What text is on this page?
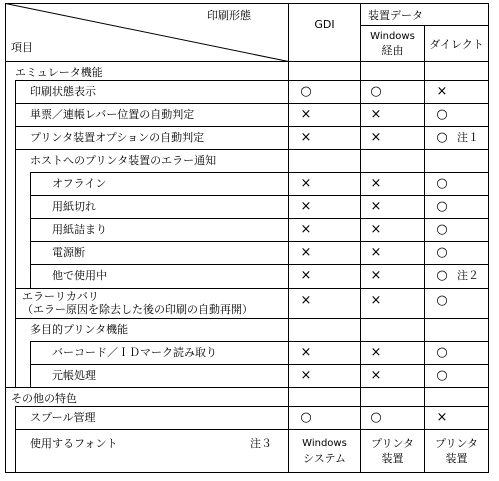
印刷形態
項目
GDI
装置データ
Windows
経由	ダイレクト
エミュレータ機能
その他の特色
印刷状態表示
単票／連帳レバー位置の自動判定
プリンタ装置オプションの自動判定
ホストへのプリンタ装置のエラー通知
オフライン
用紙切れ
用紙詰まり
電源断
他で使用中
エラーリカバリ
（エラー原因を除去した後の印刷の自動再開）
多目的プリンタ機能
バーコード／ＩＤマーク読み取り
元帳処理
スプール管理
使用するフォント	注３
○
×
×
×
×
×
×
×
×
×
×
○
Windows
システム
○
×
×
×
×
×
×
×
×
×
×
○
プリンタ
装置
×
○
○ 注１
○
○
○
○
○ 注２
○
○
○
×
プリンタ
装置
